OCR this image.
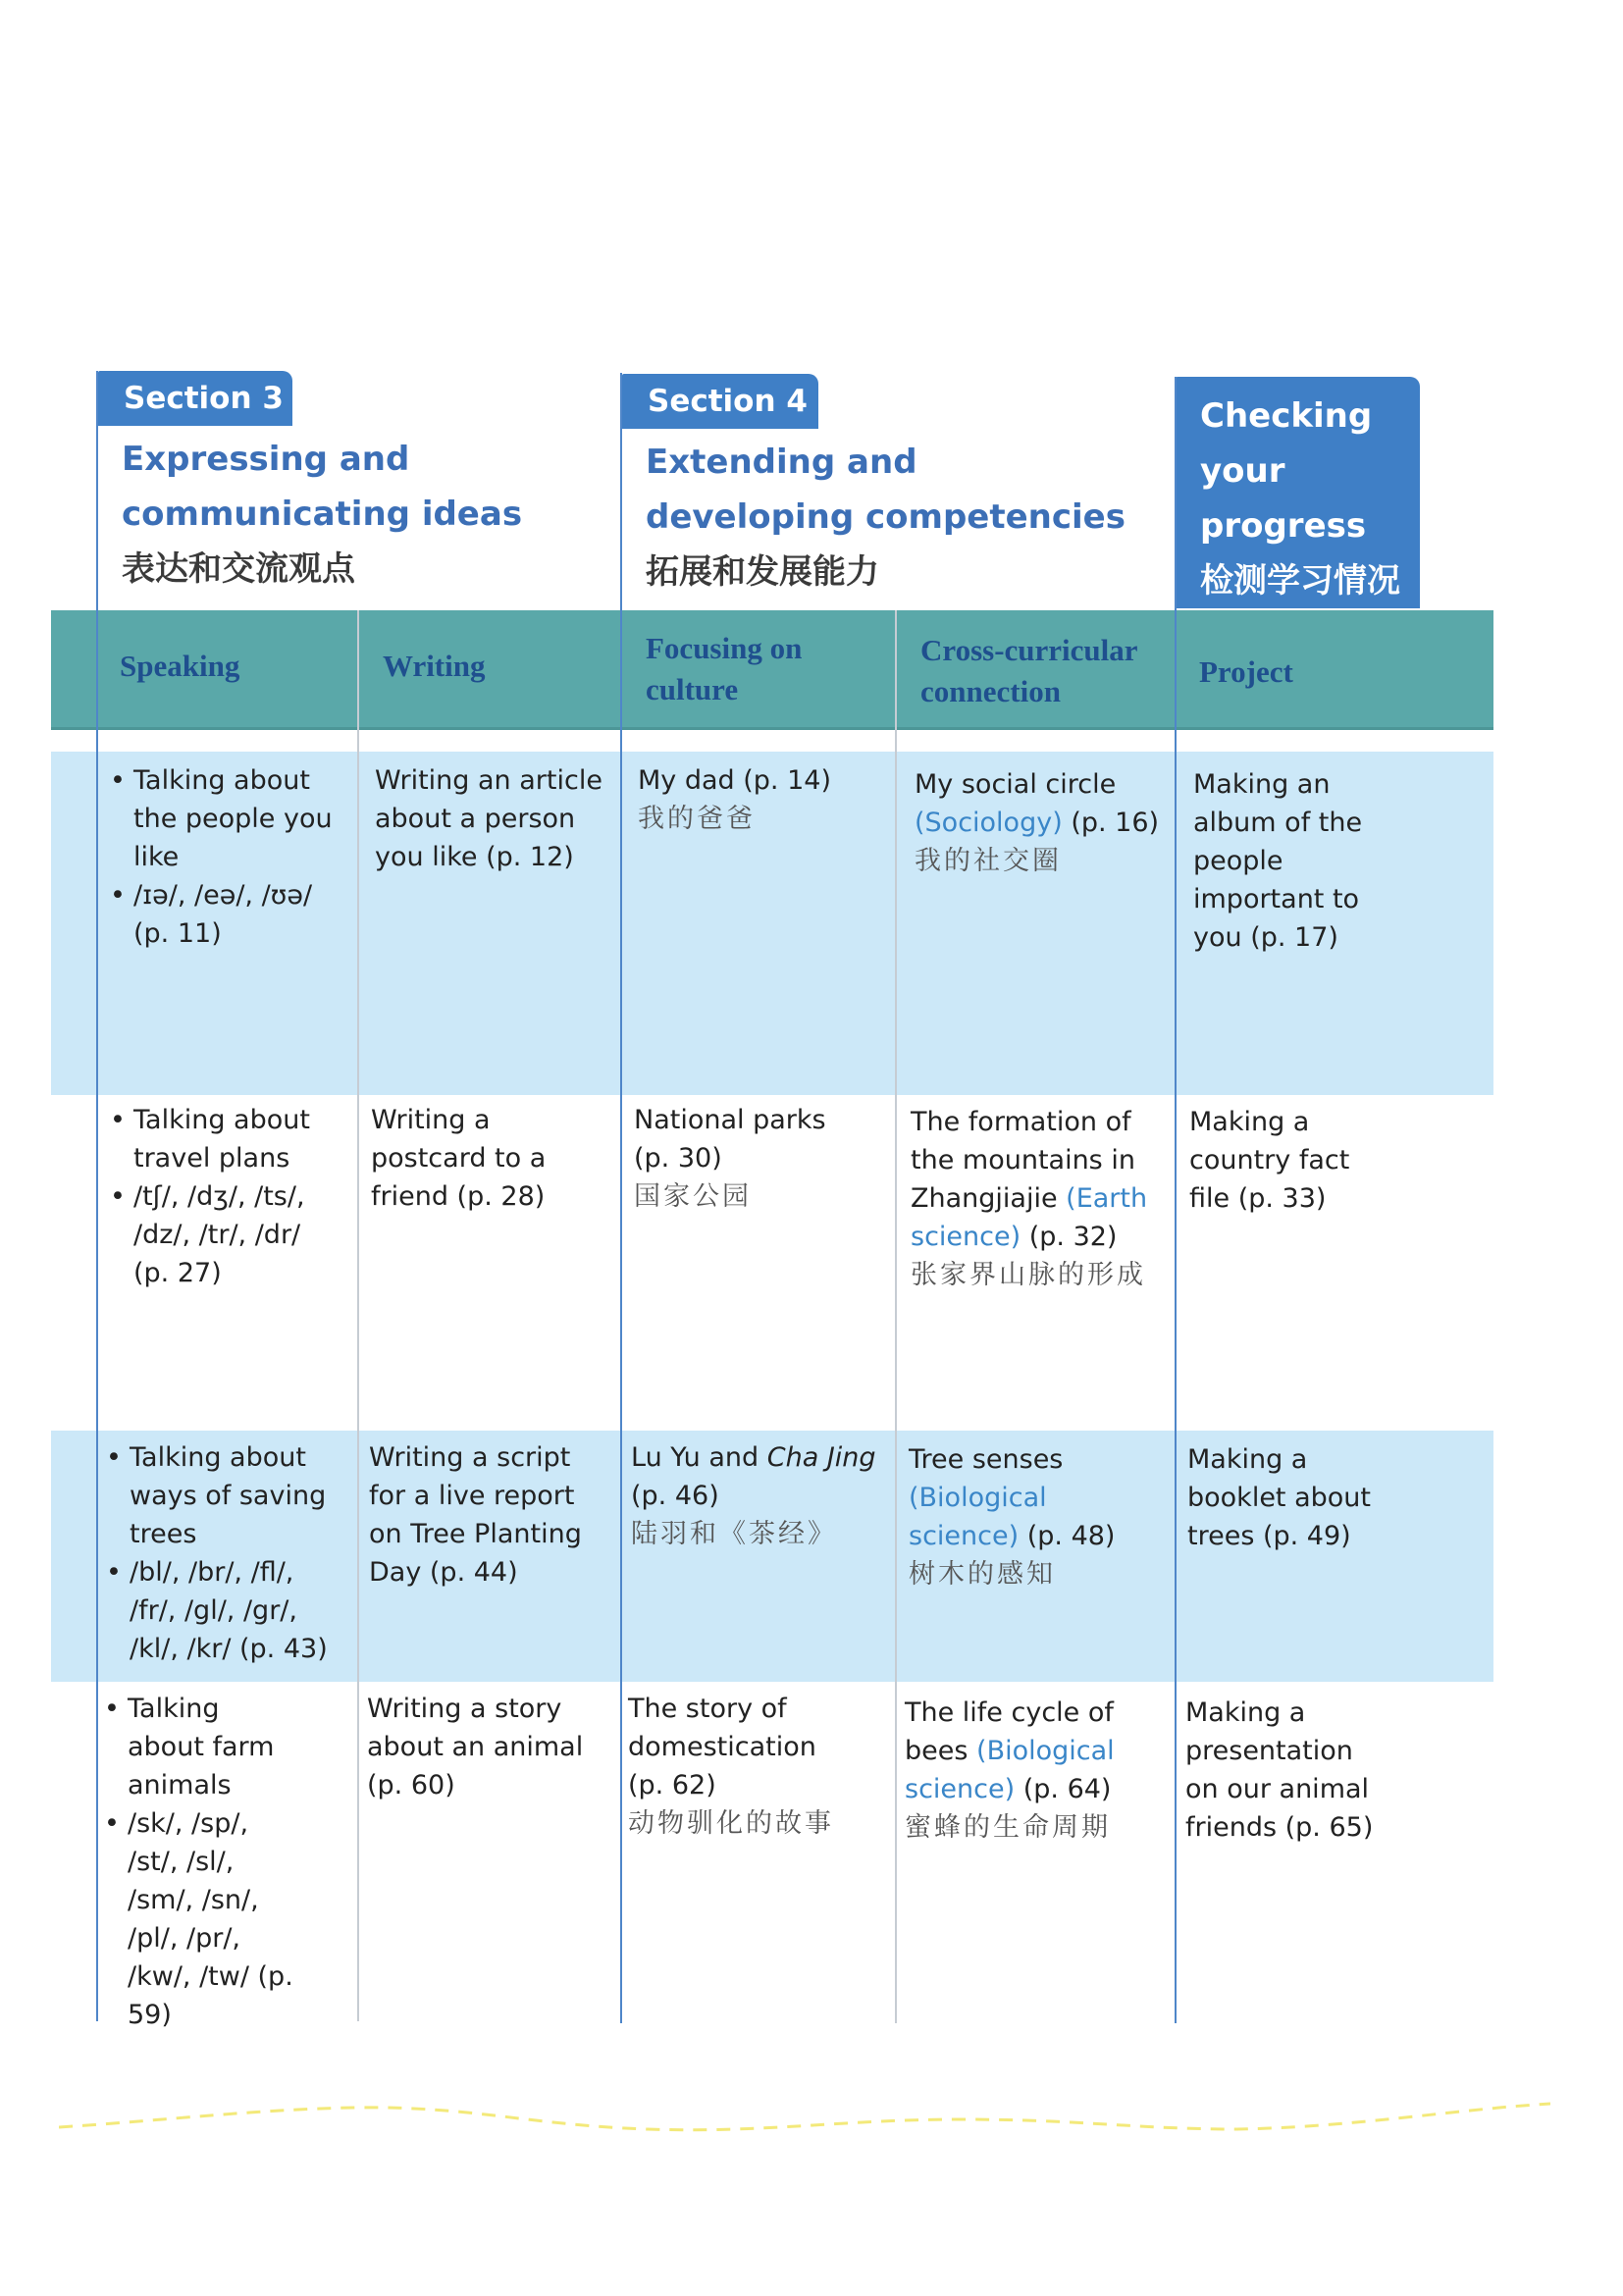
Section 3
Expressing and
communicating ideas
表达和交流观点
Section 4
Extending and
developing competencies
拓展和发展能力
Checking
your
progress
检测学习情况
Speaking	Writing
Focusing on
culture
Cross-curricular
connection
Project
• Talking about the people you like
• /ɪə/, /eə/, /ʊə/ (p. 11)
Writing an article about a person you like (p. 12)
My dad (p. 14)
我的爸爸
My social circle (Sociology) (p. 16)
我的社交圈
Making an album of the people important to you (p. 17)
• Talking about travel plans
• /tʃ/, /dʒ/, /ts/, /dz/, /tr/, /dr/ (p. 27)
Writing a postcard to a friend (p. 28)
National parks (p. 30)
国家公园
The formation of the mountains in Zhangjiajie (Earth science) (p. 32)
张家界山脉的形成
Making a country fact file (p. 33)
• Talking about ways of saving trees
• /bl/, /br/, /fl/, /fr/, /gl/, /gr/, /kl/, /kr/ (p. 43)
Writing a script for a live report on Tree Planting Day (p. 44)
Lu Yu and Cha Jing (p. 46)
陆羽和《茶经》
Tree senses (Biological science) (p. 48)
树木的感知
Making a booklet about trees (p. 49)
• Talking about farm animals
• /sk/, /sp/, /st/, /sl/, /sm/, /sn/, /pl/, /pr/, /kw/, /tw/ (p. 59)
Writing a story about an animal (p. 60)
The story of domestication (p. 62)
动物驯化的故事
The life cycle of bees (Biological science) (p. 64)
蜜蜂的生命周期
Making a presentation on our animal friends (p. 65)
